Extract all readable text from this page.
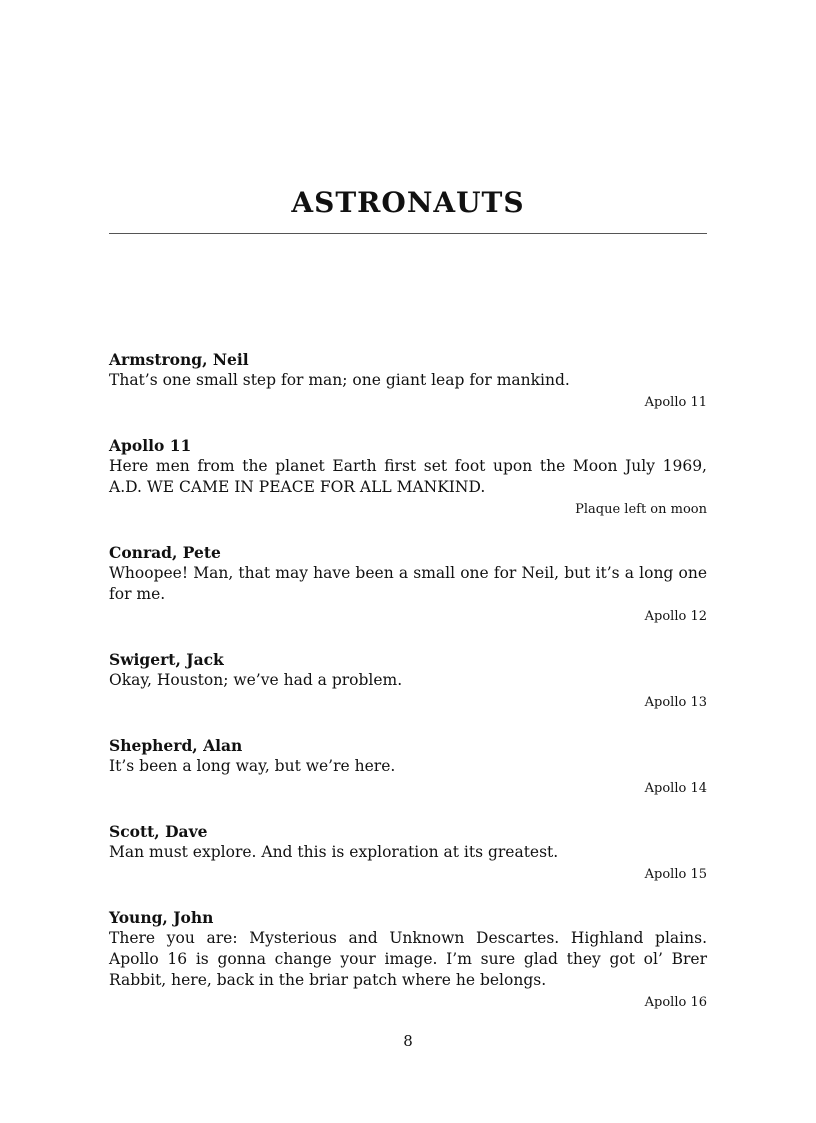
ASTRONAUTS
Armstrong, Neil
That’s one small step for man; one giant leap for mankind.
Apollo 11
Apollo 11
Here men from the planet Earth first set foot upon the Moon July 1969, A.D. WE CAME IN PEACE FOR ALL MANKIND.
Plaque left on moon
Conrad, Pete
Whoopee! Man, that may have been a small one for Neil, but it’s a long one for me.
Apollo 12
Swigert, Jack
Okay, Houston; we’ve had a problem.
Apollo 13
Shepherd, Alan
It’s been a long way, but we’re here.
Apollo 14
Scott, Dave
Man must explore. And this is exploration at its greatest.
Apollo 15
Young, John
There you are: Mysterious and Unknown Descartes. Highland plains. Apollo 16 is gonna change your image. I’m sure glad they got ol’ Brer Rabbit, here, back in the briar patch where he belongs.
Apollo 16
8
